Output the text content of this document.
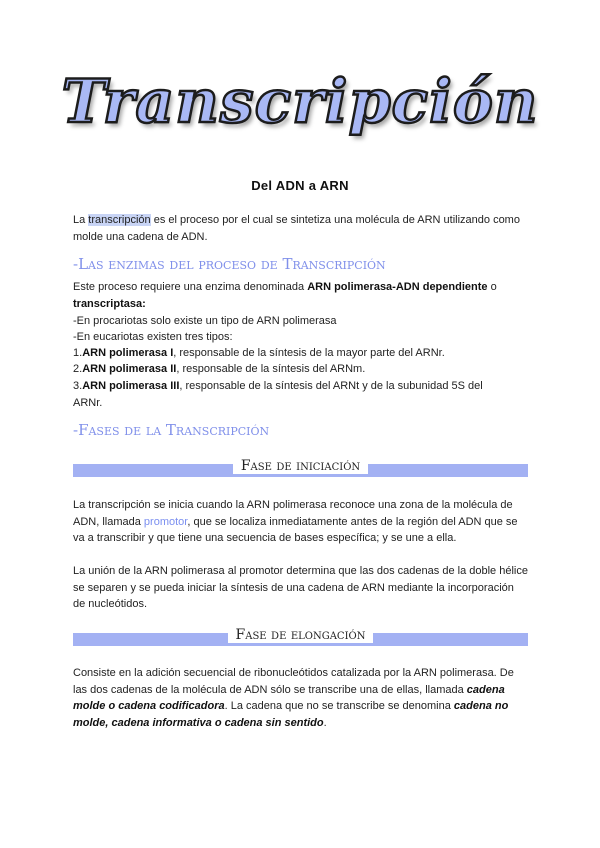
Transcripción
Del ADN a ARN
La transcripción es el proceso por el cual se sintetiza una molécula de ARN utilizando como molde una cadena de ADN.
-Las enzimas del proceso de Transcripción
Este proceso requiere una enzima denominada ARN polimerasa-ADN dependiente o transcriptasa:
-En procariotas solo existe un tipo de ARN polimerasa
-En eucariotas existen tres tipos:
1.ARN polimerasa I, responsable de la síntesis de la mayor parte del ARNr.
2.ARN polimerasa II, responsable de la síntesis del ARNm.
3.ARN polimerasa III, responsable de la síntesis del ARNt y de la subunidad 5S del ARNr.
-Fases de la Transcripción
Fase de iniciación
La transcripción se inicia cuando la ARN polimerasa reconoce una zona de la molécula de ADN, llamada promotor, que se localiza inmediatamente antes de la región del ADN que se va a transcribir y que tiene una secuencia de bases específica; y se une a ella.
La unión de la ARN polimerasa al promotor determina que las dos cadenas de la doble hélice se separen y se pueda iniciar la síntesis de una cadena de ARN mediante la incorporación de nucleótidos.
Fase de elongación
Consiste en la adición secuencial de ribonucleótidos catalizada por la ARN polimerasa. De las dos cadenas de la molécula de ADN sólo se transcribe una de ellas, llamada cadena molde o cadena codificadora. La cadena que no se transcribe se denomina cadena no molde, cadena informativa o cadena sin sentido.
